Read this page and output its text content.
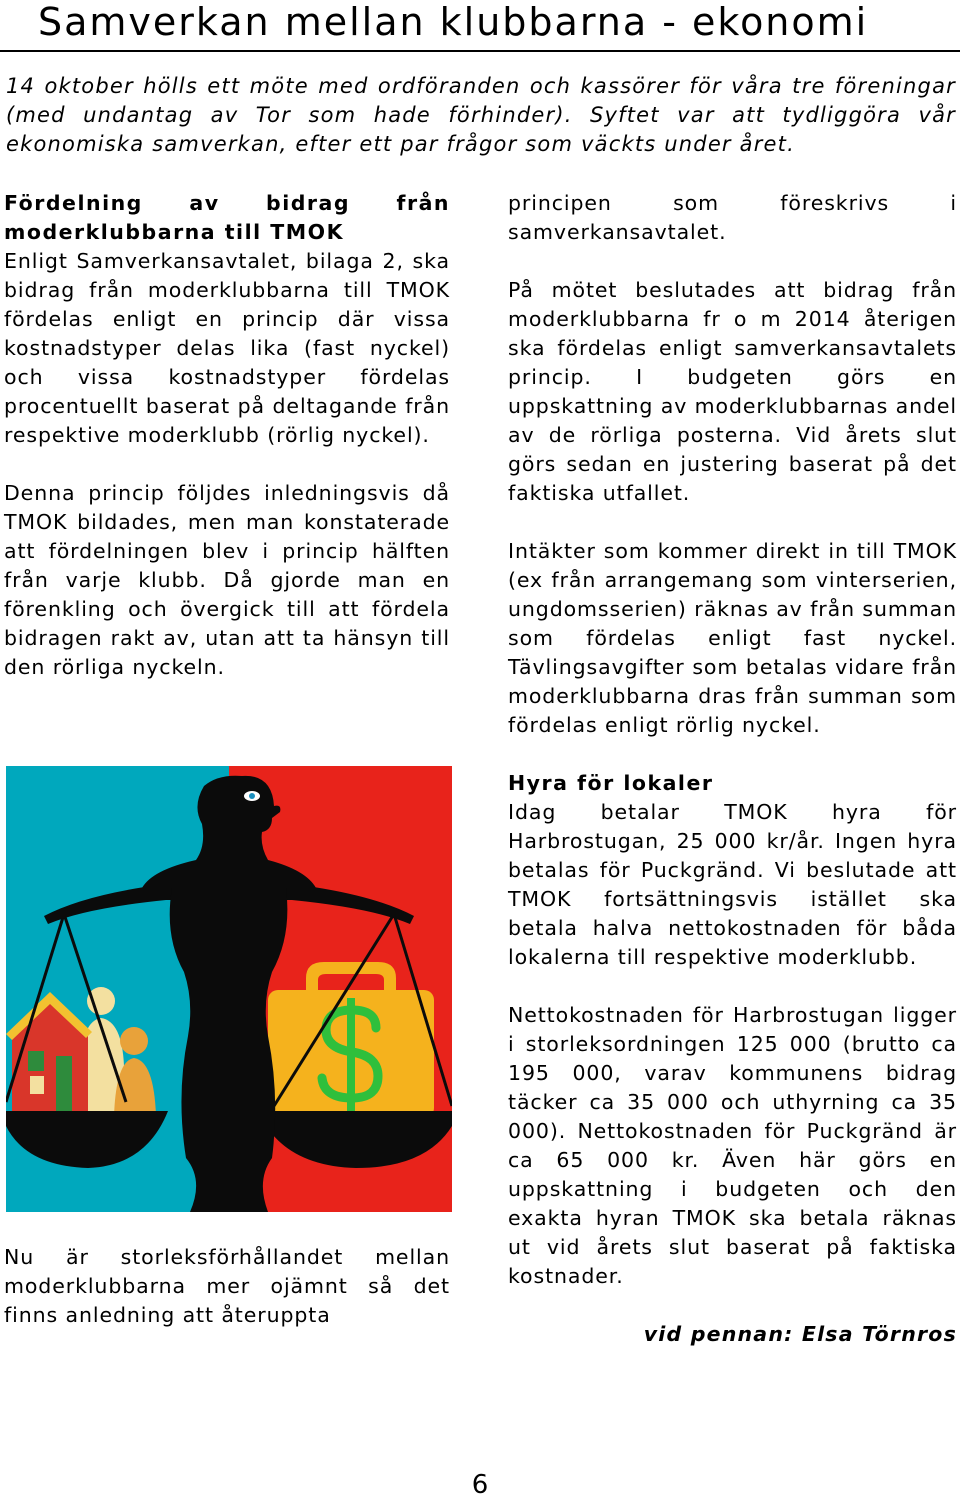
Samverkan mellan klubbarna - ekonomi

14 oktober hölls ett möte med ordföranden och kassörer för våra tre föreningar (med undantag av Tor som hade förhinder). Syftet var att tydliggöra vår ekonomiska samverkan, efter ett par frågor som väckts under året.

Fördelning av bidrag från moderklubbarna till TMOK
Enligt Samverkansavtalet, bilaga 2, ska bidrag från moderklubbarna till TMOK fördelas enligt en princip där vissa kostnadstyper delas lika (fast nyckel) och vissa kostnadstyper fördelas procentuellt baserat på deltagande från respektive moderklubb (rörlig nyckel).

Denna princip följdes inledningsvis då TMOK bildades, men man konstaterade att fördelningen blev i princip hälften från varje klubb. Då gjorde man en förenkling och övergick till att fördela bidragen rakt av, utan att ta hänsyn till den rörliga nyckeln.

Nu är storleksförhållandet mellan moderklubbarna mer ojämnt så det finns anledning att återuppta

principen som föreskrivs i samverkansavtalet.

På mötet beslutades att bidrag från moderklubbarna fr o m 2014 återigen ska fördelas enligt samverkansavtalets princip. I budgeten görs en uppskattning av moderklubbarnas andel av de rörliga posterna. Vid årets slut görs sedan en justering baserat på det faktiska utfallet.

Intäkter som kommer direkt in till TMOK (ex från arrangemang som vinterserien, ungdomsserien) räknas av från summan som fördelas enligt fast nyckel. Tävlingsavgifter som betalas vidare från moderklubbarna dras från summan som fördelas enligt rörlig nyckel.

Hyra för lokaler
Idag betalar TMOK hyra för Harbrostugan, 25 000 kr/år. Ingen hyra betalas för Puckgränd. Vi beslutade att TMOK fortsättningsvis istället ska betala halva nettokostnaden för båda lokalerna till respektive moderklubb.

Nettokostnaden för Harbrostugan ligger i storleksordningen 125 000 (brutto ca 195 000, varav kommunens bidrag täcker ca 35 000 och uthyrning ca 35 000). Nettokostnaden för Puckgränd är ca 65 000 kr. Även här görs en uppskattning i budgeten och den exakta hyran TMOK ska betala räknas ut vid årets slut baserat på faktiska kostnader.

vid pennan: Elsa Törnros

6
